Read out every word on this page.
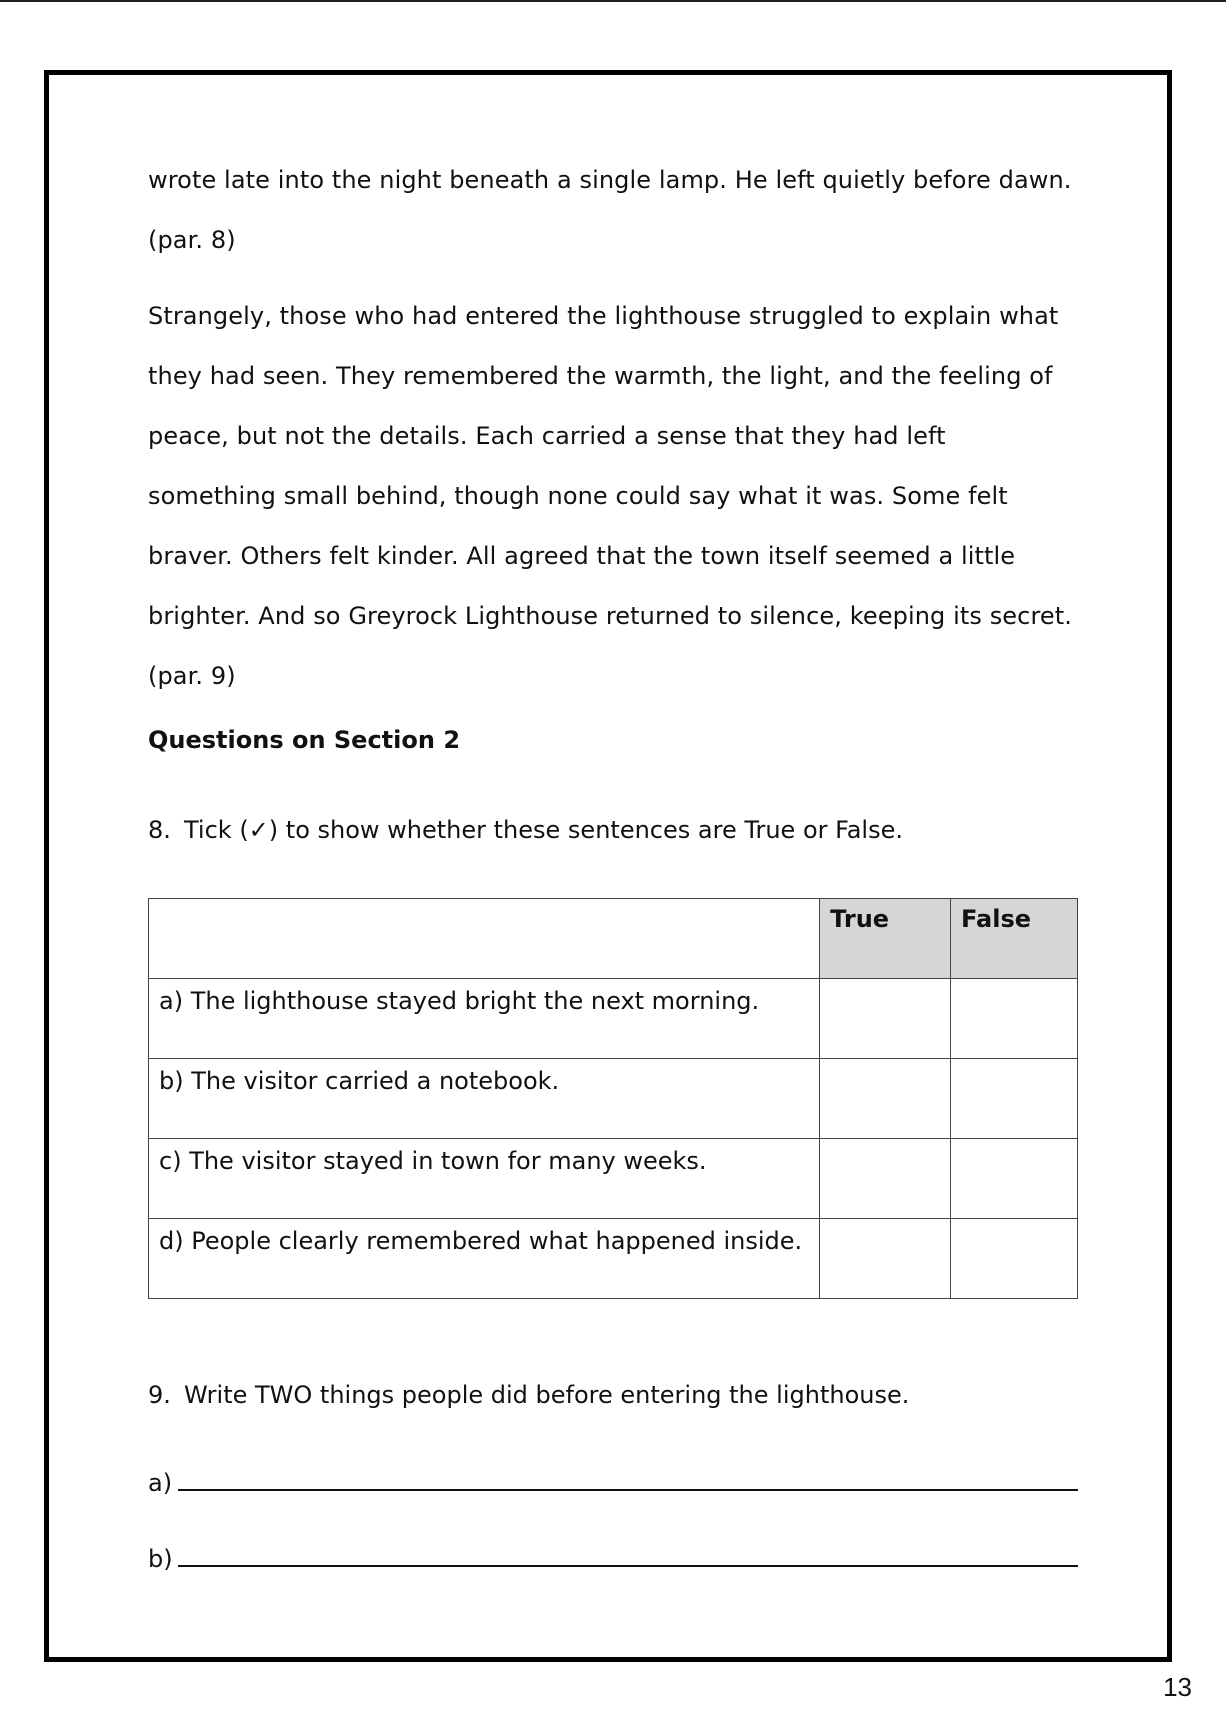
wrote late into the night beneath a single lamp. He left quietly before dawn. (par. 8)

Strangely, those who had entered the lighthouse struggled to explain what they had seen. They remembered the warmth, the light, and the feeling of peace, but not the details. Each carried a sense that they had left something small behind, though none could say what it was. Some felt braver. Others felt kinder. All agreed that the town itself seemed a little brighter. And so Greyrock Lighthouse returned to silence, keeping its secret. (par. 9)

Questions on Section 2

8. Tick (✓) to show whether these sentences are True or False.

	True	False
a) The lighthouse stayed bright the next morning.		
b) The visitor carried a notebook.		
c) The visitor stayed in town for many weeks.		
d) People clearly remembered what happened inside.		

9. Write TWO things people did before entering the lighthouse.

a)
b)
13
